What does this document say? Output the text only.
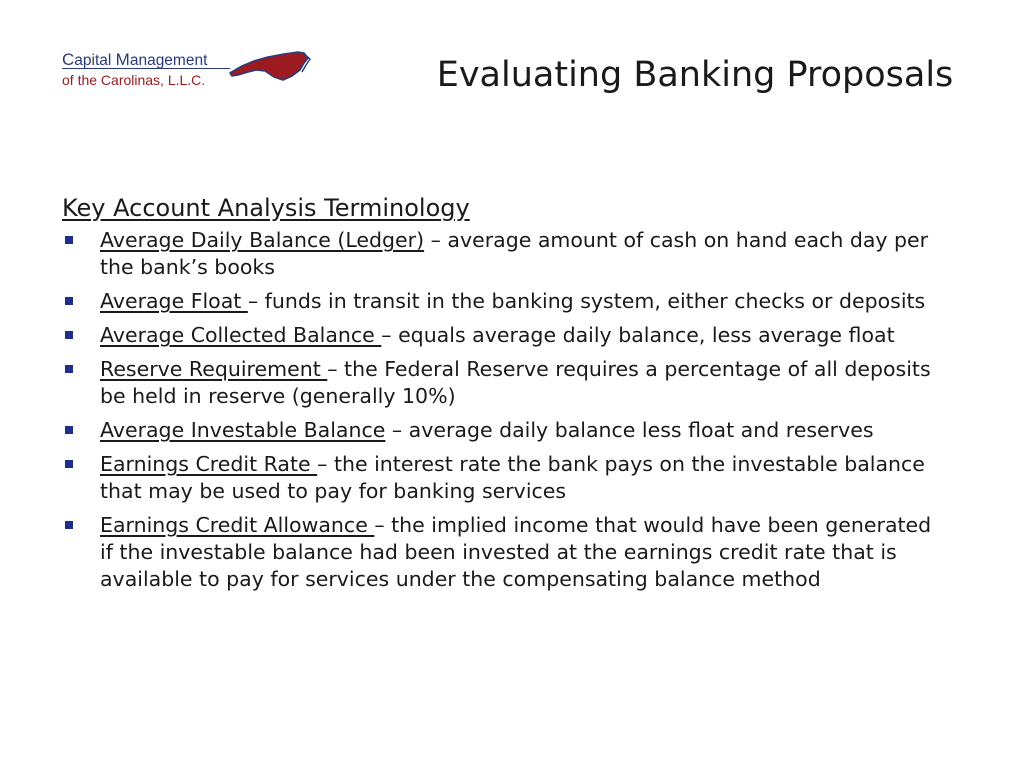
Capital Management
of the Carolinas, L.L.C.	Evaluating Banking Proposals
Key Account Analysis Terminology
Average Daily Balance (Ledger) – average amount of cash on hand each day per the bank’s books
Average Float – funds in transit in the banking system, either checks or deposits
Average Collected Balance – equals average daily balance, less average float
Reserve Requirement – the Federal Reserve requires a percentage of all deposits be held in reserve (generally 10%)
Average Investable Balance – average daily balance less float and reserves
Earnings Credit Rate – the interest rate the bank pays on the investable balance that may be used to pay for banking services
Earnings Credit Allowance – the implied income that would have been generated if the investable balance had been invested at the earnings credit rate that is available to pay for services under the compensating balance method
